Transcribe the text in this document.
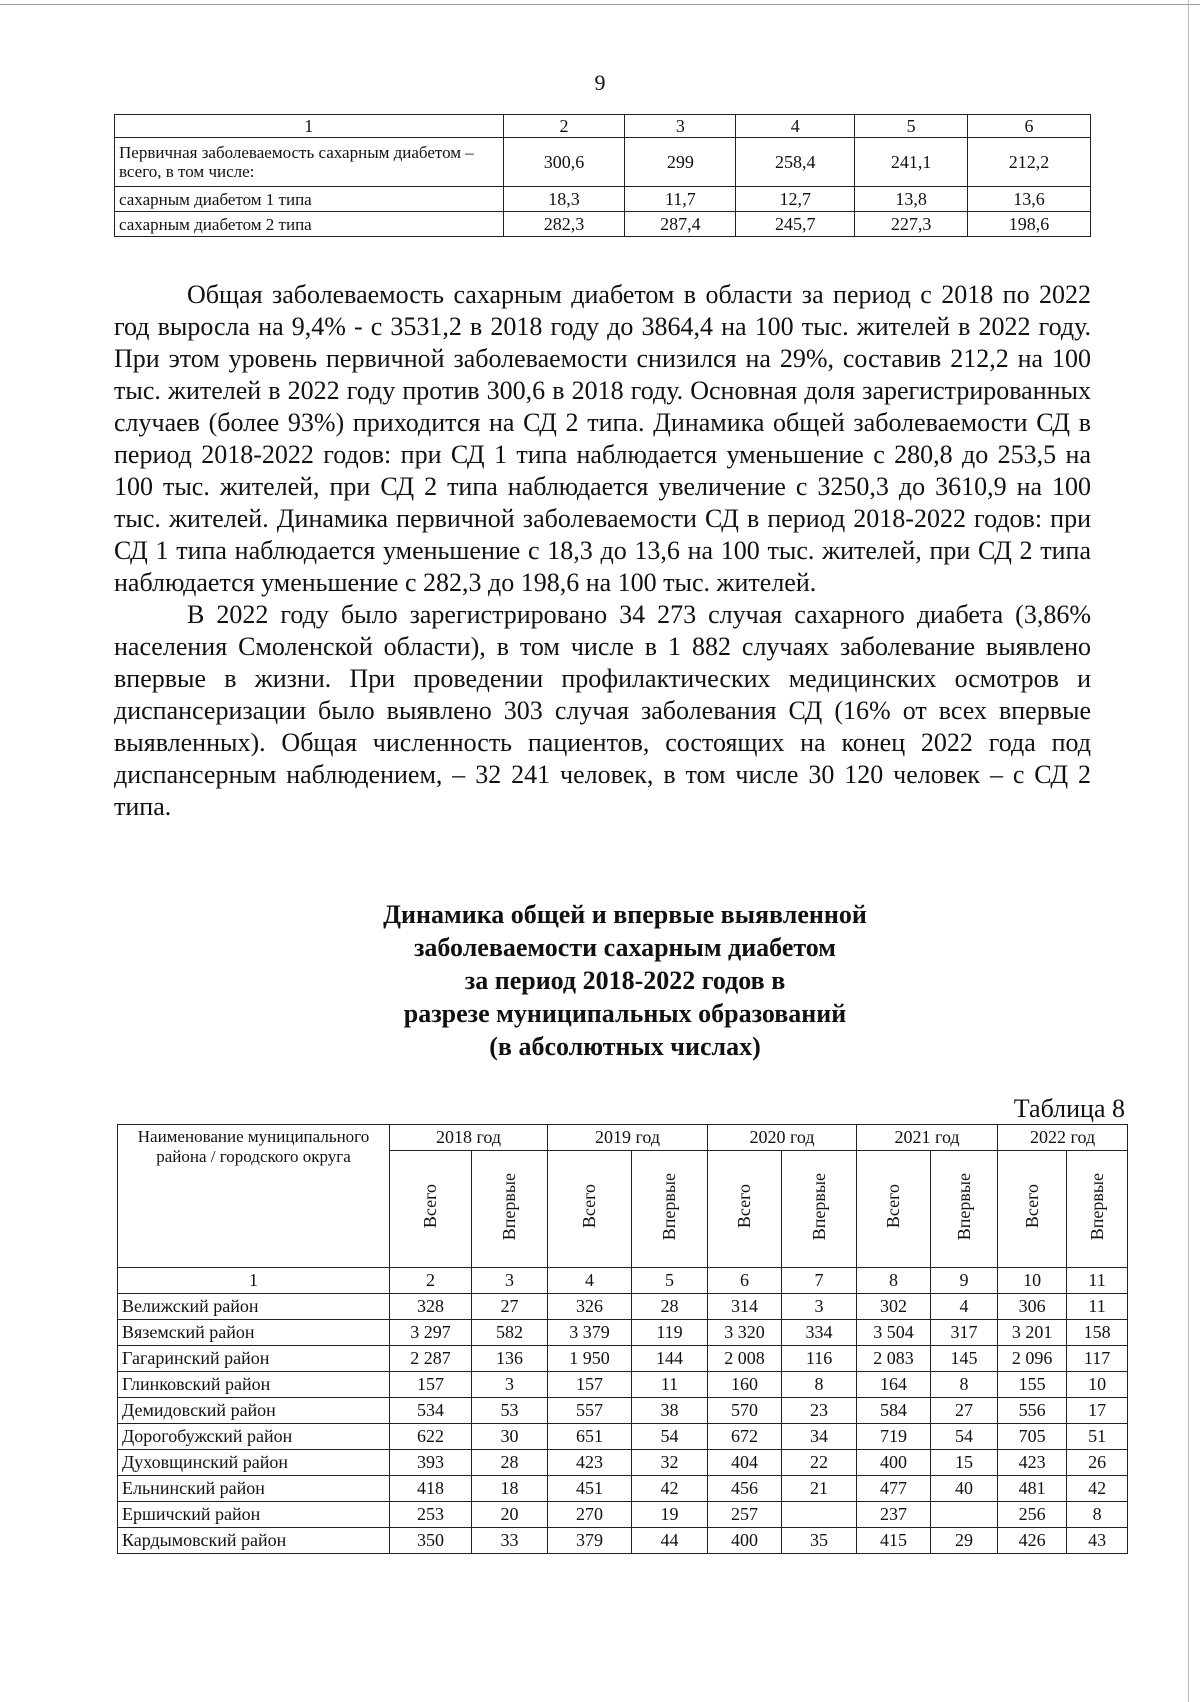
9
1	2	3	4	5	6
Первичная заболеваемость сахарным диабетом – всего, в том числе:	300,6	299	258,4	241,1	212,2
сахарным диабетом 1 типа	18,3	11,7	12,7	13,8	13,6
сахарным диабетом 2 типа	282,3	287,4	245,7	227,3	198,6

Общая заболеваемость сахарным диабетом в области за период с 2018 по 2022 год выросла на 9,4% - с 3531,2 в 2018 году до 3864,4 на 100 тыс. жителей в 2022 году. При этом уровень первичной заболеваемости снизился на 29%, составив 212,2 на 100 тыс. жителей в 2022 году против 300,6 в 2018 году. Основная доля зарегистрированных случаев (более 93%) приходится на СД 2 типа. Динамика общей заболеваемости СД в период 2018-2022 годов: при СД 1 типа наблюдается уменьшение с 280,8 до 253,5 на 100 тыс. жителей, при СД 2 типа наблюдается увеличение с 3250,3 до 3610,9 на 100 тыс. жителей. Динамика первичной заболеваемости СД в период 2018-2022 годов: при СД 1 типа наблюдается уменьшение с 18,3 до 13,6 на 100 тыс. жителей, при СД 2 типа наблюдается уменьшение с 282,3 до 198,6 на 100 тыс. жителей.

В 2022 году было зарегистрировано 34 273 случая сахарного диабета (3,86% населения Смоленской области), в том числе в 1 882 случаях заболевание выявлено впервые в жизни. При проведении профилактических медицинских осмотров и диспансеризации было выявлено 303 случая заболевания СД (16% от всех впервые выявленных). Общая численность пациентов, состоящих на конец 2022 года под диспансерным наблюдением, – 32 241 человек, в том числе 30 120 человек – с СД 2 типа.

Динамика общей и впервые выявленной
заболеваемости сахарным диабетом
за период 2018-2022 годов в
разрезе муниципальных образований
(в абсолютных числах)
Таблица 8
Наименование муниципального района / городского округа	2018 год		2019 год		2020 год		2021 год		2022 год	
	Всего	Впервые	Всего	Впервые	Всего	Впервые	Всего	Впервые	Всего	Впервые
1	2	3	4	5	6	7	8	9	10	11
Велижский район	328	27	326	28	314	3	302	4	306	11
Вяземский район	3 297	582	3 379	119	3 320	334	3 504	317	3 201	158
Гагаринский район	2 287	136	1 950	144	2 008	116	2 083	145	2 096	117
Глинковский район	157	3	157	11	160	8	164	8	155	10
Демидовский район	534	53	557	38	570	23	584	27	556	17
Дорогобужский район	622	30	651	54	672	34	719	54	705	51
Духовщинский район	393	28	423	32	404	22	400	15	423	26
Ельнинский район	418	18	451	42	456	21	477	40	481	42
Ершичский район	253	20	270	19	257		237		256	8
Кардымовский район	350	33	379	44	400	35	415	29	426	43
